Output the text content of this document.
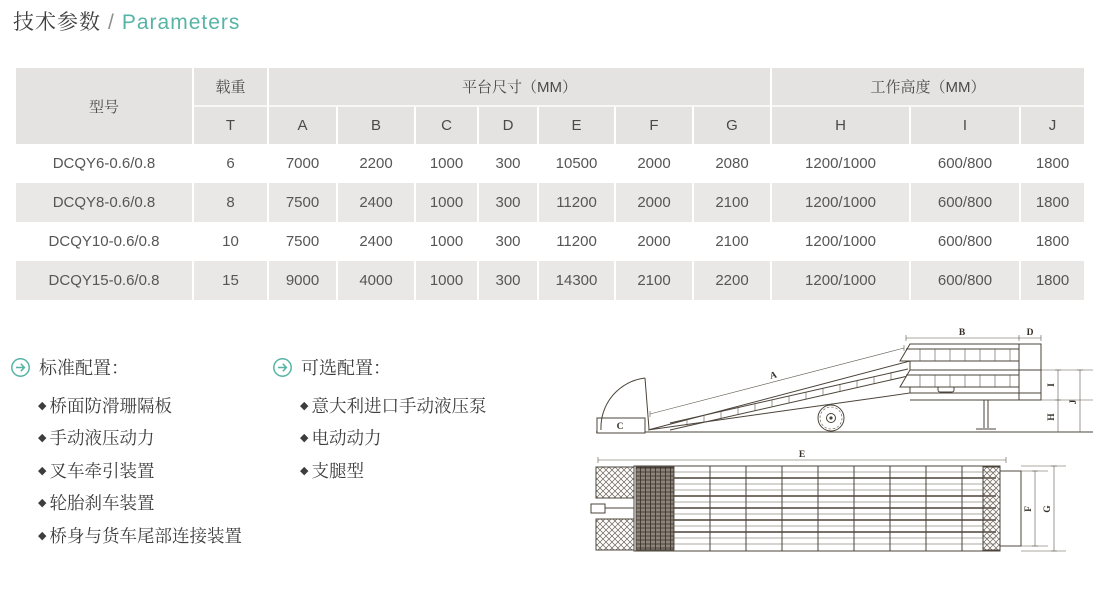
技术参数 / Parameters
型号	载重	平台尺寸（MM）							工作高度（MM）		
	T	A	B	C	D	E	F	G	H	I	J
DCQY6-0.6/0.8	6	7000	2200	1000	300	10500	2000	2080	1200/1000	600/800	1800
DCQY8-0.6/0.8	8	7500	2400	1000	300	11200	2000	2100	1200/1000	600/800	1800
DCQY10-0.6/0.8	10	7500	2400	1000	300	11200	2000	2100	1200/1000	600/800	1800
DCQY15-0.6/0.8	15	9000	4000	1000	300	14300	2100	2200	1200/1000	600/800	1800
标准配置：
◆ 桥面防滑珊隔板
◆ 手动液压动力
◆ 叉车牵引装置
◆ 轮胎刹车装置
◆ 桥身与货车尾部连接装置
可选配置：
◆ 意大利进口手动液压泵
◆ 电动动力
◆ 支腿型
C
A
B	D
I
H
J
E
F G
